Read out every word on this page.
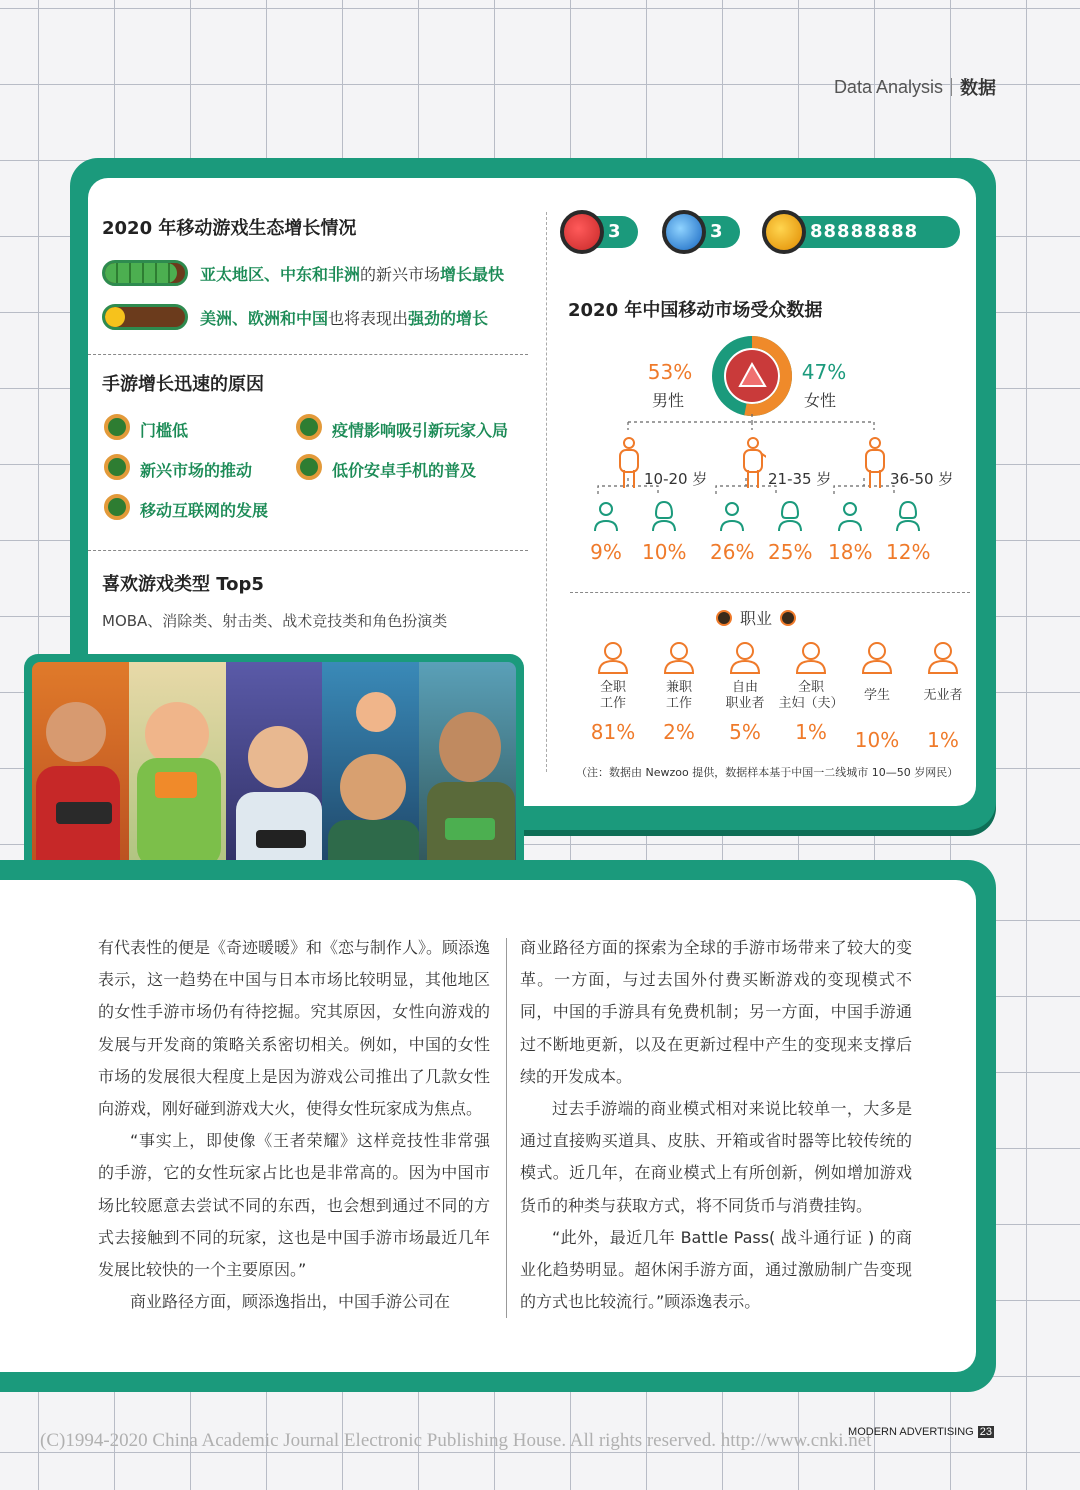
Data Analysis 数据
2020 年移动游戏生态增长情况
亚太地区、中东和非洲的新兴市场增长最快
美洲、欧洲和中国也将表现出强劲的增长
手游增长迅速的原因
门槛低	疫情影响吸引新玩家入局
新兴市场的推动	低价安卓手机的普及
移动互联网的发展
喜欢游戏类型 Top5
MOBA、消除类、射击类、战术竞技类和角色扮演类
3	3	88888888
2020 年中国移动市场受众数据
53%
男性
47%
女性
10-20 岁	21-35 岁	36-50 岁
9%	10% 26% 25% 18% 12%
职业
全职
工作
81%
兼职
工作
2%
自由
职业者
5%
全职
主妇（夫）
1%
学生
10%
无业者
1%
（注：数据由 Newzoo 提供，数据样本基于中国一二线城市 10—50 岁网民）

有代表性的便是《奇迹暖暖》和《恋与制作人》。顾添逸表示，这一趋势在中国与日本市场比较明显，其他地区的女性手游市场仍有待挖掘。究其原因，女性向游戏的发展与开发商的策略关系密切相关。例如，中国的女性市场的发展很大程度上是因为游戏公司推出了几款女性向游戏，刚好碰到游戏大火，使得女性玩家成为焦点。

“事实上，即使像《王者荣耀》这样竞技性非常强的手游，它的女性玩家占比也是非常高的。因为中国市场比较愿意去尝试不同的东西，也会想到通过不同的方式去接触到不同的玩家，这也是中国手游市场最近几年发展比较快的一个主要原因。”

商业路径方面，顾添逸指出，中国手游公司在

商业路径方面的探索为全球的手游市场带来了较大的变革。一方面，与过去国外付费买断游戏的变现模式不同，中国的手游具有免费机制；另一方面，中国手游通过不断地更新，以及在更新过程中产生的变现来支撑后续的开发成本。

过去手游端的商业模式相对来说比较单一，大多是通过直接购买道具、皮肤、开箱或省时器等比较传统的模式。近几年，在商业模式上有所创新，例如增加游戏货币的种类与获取方式，将不同货币与消费挂钩。

“此外，最近几年 Battle Pass( 战斗通行证 ) 的商业化趋势明显。超休闲手游方面，通过激励制广告变现的方式也比较流行。”顾添逸表示。

(C)1994-2020 China Academic Journal Electronic Publishing House. All rights reserved. http://www.cnki.net
MODERN ADVERTISING 23
